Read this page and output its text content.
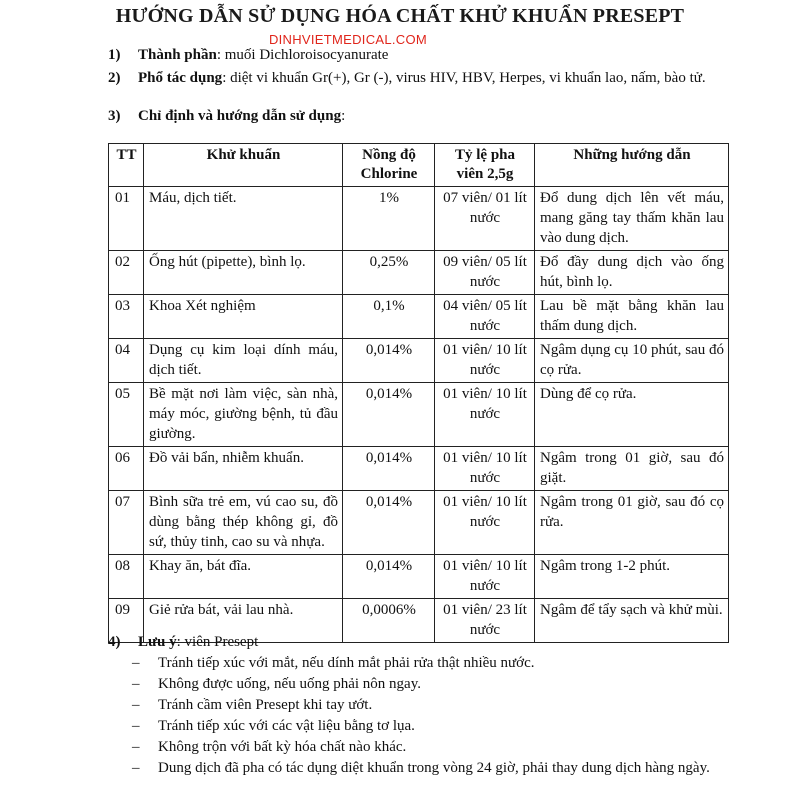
HƯỚNG DẪN SỬ DỤNG HÓA CHẤT KHỬ KHUẨN PRESEPT
DINHVIETMEDICAL.COM
1)	Thành phần: muối Dichloroisocyanurate
2)	Phổ tác dụng: diệt vi khuẩn Gr(+), Gr (-), virus HIV, HBV, Herpes, vi khuẩn lao, nấm, bào tử.
3)	Chỉ định và hướng dẫn sử dụng:
TT	Khử khuẩn	Nồng độ Chlorine	Tỷ lệ pha viên 2,5g	Những hướng dẫn
01	Máu, dịch tiết.	1%	07 viên/ 01 lít nước	Đổ dung dịch lên vết máu, mang găng tay thấm khăn lau vào dung dịch.
02	Ống hút (pipette), bình lọ.	0,25%	09 viên/ 05 lít nước	Đổ đầy dung dịch vào ống hút, bình lọ.
03	Khoa Xét nghiệm	0,1%	04 viên/ 05 lít nước	Lau bề mặt bằng khăn lau thấm dung dịch.
04	Dụng cụ kim loại dính máu, dịch tiết.	0,014%	01 viên/ 10 lít nước	Ngâm dụng cụ 10 phút, sau đó cọ rửa.
05	Bề mặt nơi làm việc, sàn nhà, máy móc, giường bệnh, tủ đầu giường.	0,014%	01 viên/ 10 lít nước	Dùng để cọ rửa.
06	Đồ vải bẩn, nhiễm khuẩn.	0,014%	01 viên/ 10 lít nước	Ngâm trong 01 giờ, sau đó giặt.
07	Bình sữa trẻ em, vú cao su, đồ dùng bằng thép không gỉ, đồ sứ, thủy tinh, cao su và nhựa.	0,014%	01 viên/ 10 lít nước	Ngâm trong 01 giờ, sau đó cọ rửa.
08	Khay ăn, bát đĩa.	0,014%	01 viên/ 10 lít nước	Ngâm trong 1-2 phút.
09	Giẻ rửa bát, vải lau nhà.	0,0006%	01 viên/ 23 lít nước	Ngâm để tẩy sạch và khử mùi.
4) Lưu ý: viên Presept
– Tránh tiếp xúc với mắt, nếu dính mắt phải rửa thật nhiều nước.
– Không được uống, nếu uống phải nôn ngay.
– Tránh cầm viên Presept khi tay ướt.
– Tránh tiếp xúc với các vật liệu bằng tơ lụa.
– Không trộn với bất kỳ hóa chất nào khác.
– Dung dịch đã pha có tác dụng diệt khuẩn trong vòng 24 giờ, phải thay dung dịch hàng ngày.
